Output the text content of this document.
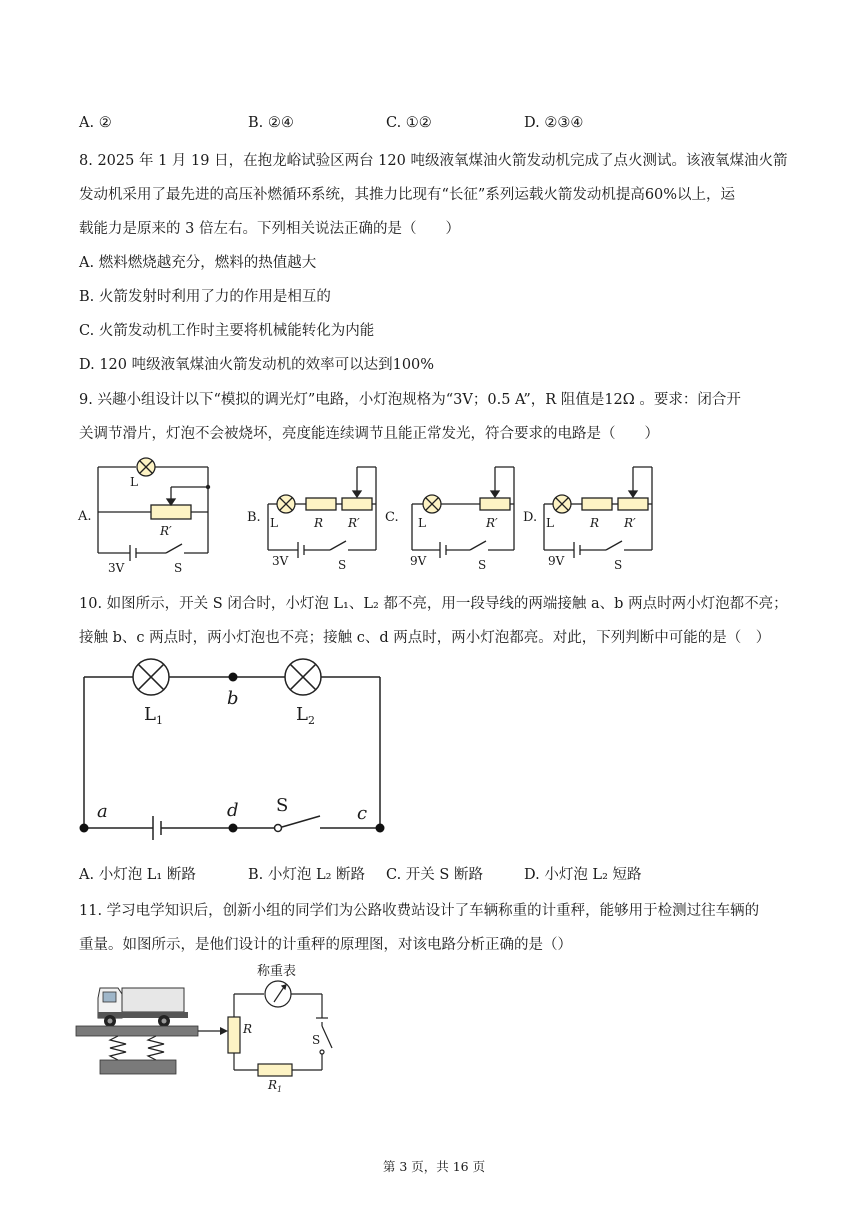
A. ②	B. ②④	C. ①②	D. ②③④
8. 2025 年 1 月 19 日，在抱龙峪试验区两台 120 吨级液氧煤油火箭发动机完成了点火测试。该液氧煤油火箭
发动机采用了最先进的高压补燃循环系统，其推力比现有“长征”系列运载火箭发动机提高60%以上，运
载能力是原来的 3 倍左右。下列相关说法正确的是（　　）
A. 燃料燃烧越充分，燃料的热值越大
B. 火箭发射时利用了力的作用是相互的
C. 火箭发动机工作时主要将机械能转化为内能
D. 120 吨级液氧煤油火箭发动机的效率可以达到100%
9. 兴趣小组设计以下“模拟的调光灯”电路，小灯泡规格为“3V；0.5 A”，R 阻值是12Ω 。要求：闭合开
关调节滑片，灯泡不会被烧坏，亮度能连续调节且能正常发光，符合要求的电路是（　　）
L
R′
A.
3V	S
B. L	R R′
3V	S
C. L	R′
9V	S
D. L	R R′
9V	S
10. 如图所示，开关 S 闭合时，小灯泡 L₁、L₂ 都不亮，用一段导线的两端接触 a、b 两点时两小灯泡都不亮；
接触 b、c 两点时，两小灯泡也不亮；接触 c、d 两点时，两小灯泡都亮。对此，下列判断中可能的是（　）
$L_1$	$L_2$
b
a	d S	c
A. 小灯泡 L₁ 断路	B. 小灯泡 L₂ 断路 C. 开关 S 断路	D. 小灯泡 L₂ 短路
11. 学习电学知识后，创新小组的同学们为公路收费站设计了车辆称重的计重秤，能够用于检测过往车辆的
重量。如图所示，是他们设计的计重秤的原理图，对该电路分析正确的是（）
称重表
R
S
$R_1$
第 3 页，共 16 页
